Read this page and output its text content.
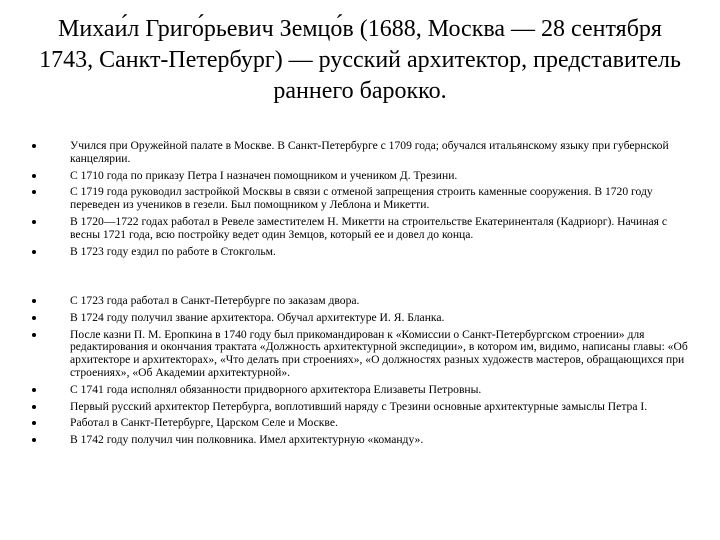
Михаи́л Григо́рьевич Земцо́в (1688, Москва — 28 сентября 1743, Санкт-Петербург) — русский архитектор, представитель раннего барокко.
Учился при Оружейной палате в Москве. В Санкт-Петербурге с 1709 года; обучался итальянскому языку при губернской канцелярии.
С 1710 года по приказу Петра I назначен помощником и учеником Д. Трезини.
С 1719 года руководил застройкой Москвы в связи с отменой запрещения строить каменные сооружения. В 1720 году переведен из учеников в гезели. Был помощником у Леблона и Микетти.
В 1720—1722 годах работал в Ревеле заместителем Н. Микетти на строительстве Екатериненталя (Кадриорг). Начиная с весны 1721 года, всю постройку ведет один Земцов, который ее и довел до конца.
В 1723 году ездил по работе в Стокгольм.
С 1723 года работал в Санкт-Петербурге по заказам двора.
В 1724 году получил звание архитектора. Обучал архитектуре И. Я. Бланка.
После казни П. М. Еропкина в 1740 году был прикомандирован к «Комиссии о Санкт-Петербургском строении» для редактирования и окончания трактата «Должность архитектурной экспедиции», в котором им, видимо, написаны главы: «Об архитекторе и архитекторах», «Что делать при строениях», «О должностях разных художеств мастеров, обращающихся при строениях», «Об Академии архитектурной».
С 1741 года исполнял обязанности придворного архитектора Елизаветы Петровны.
Первый русский архитектор Петербурга, воплотивший наряду с Трезини основные архитектурные замыслы Петра I.
Работал в Санкт-Петербурге, Царском Селе и Москве.
В 1742 году получил чин полковника. Имел архитектурную «команду».
